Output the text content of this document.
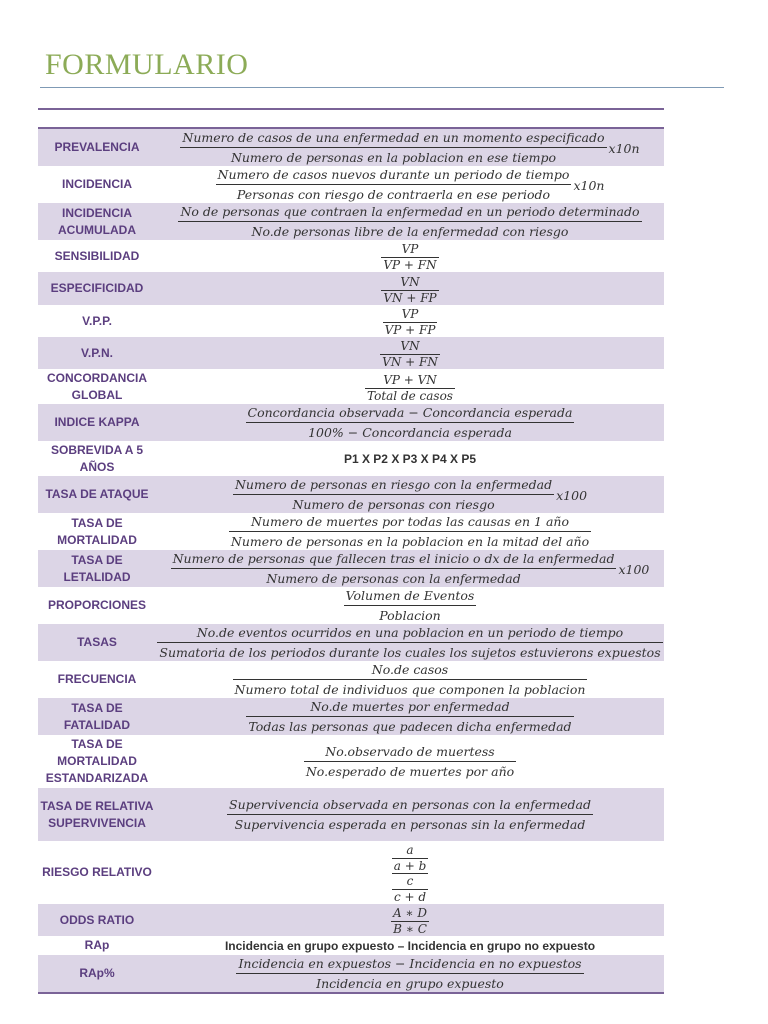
FORMULARIO
PREVALENCIA	Numero de casos de una enfermedad en un momento especificado
Numero de personas en la poblacion en ese tiempo
x10n

INCIDENCIA	$\frac{\text{Numero de casos nuevos durante un periodo de tiempo}}{\text{Personas con riesgo de contraerla en ese periodo}} x10n$

INCIDENCIA ACUMULADA	No de personas que contraen la enfermedad en un periodo determinado
No.de personas libre de la enfermedad con riesgo

SENSIBILIDAD	$\frac{VP}{VP + FN}$

ESPECIFICIDAD	$\frac{VN}{VN + FP}$

V.P.P.	$\frac{VP}{VP + FP}$

V.P.N.	$\frac{VN}{VN + FN}$

CONCORDANCIA GLOBAL	$\frac{VP + VN}{\text{Total de casos}}$

INDICE KAPPA	$\frac{\text{Concordancia observada − Concordancia esperada}}{\text{100\% − Concordancia esperada}}$

SOBREVIDA A 5 AÑOS	P1 X P2 X P3 X P4 X P5
TASA DE ATAQUE	$\frac{\text{Numero de personas en riesgo con la enfermedad}}{\text{Numero de personas con riesgo}} x100$

TASA DE MORTALIDAD	$\frac{\text{Numero de muertes por todas las causas en 1 año}}{\text{Numero de personas en la poblacion en la mitad del año}}$

TASA DE LETALIDAD	Numero de personas que fallecen tras el inicio o dx de la enfermedad
Numero de personas con la enfermedad
x100

PROPORCIONES	$\frac{\text{Volumen de Eventos}}{\text{Poblacion}}$

TASAS	No.de eventos ocurridos en una poblacion en un periodo de tiempo
Sumatoria de los periodos durante los cuales los sujetos estuvierons expuestos

FRECUENCIA	$\frac{\text{No.de casos}}{\text{Numero total de individuos que componen la poblacion}}$

TASA DE FATALIDAD	$\frac{\text{No.de muertes por enfermedad}}{\text{Todas las personas que padecen dicha enfermedad}}$

TASA DE MORTALIDAD ESTANDARIZADA	$\frac{\text{No.observado de muertess}}{\text{No.esperado de muertes por año}}$

TASA DE RELATIVA SUPERVIVENCIA	$\frac{\text{Supervivencia observada en personas con la enfermedad}}{\text{Supervivencia esperada en personas sin la enfermedad}}$

RIESGO RELATIVO	$\frac{\frac{a}{a + b}}{\frac{c}{c + d}}$

ODDS RATIO	$\frac{A ∗ D}{B ∗ C}$

RAp	Incidencia en grupo expuesto – Incidencia en grupo no expuesto
RAp%	$\frac{\text{Incidencia en expuestos − Incidencia en no expuestos}}{\text{Incidencia en grupo expuesto}}$
